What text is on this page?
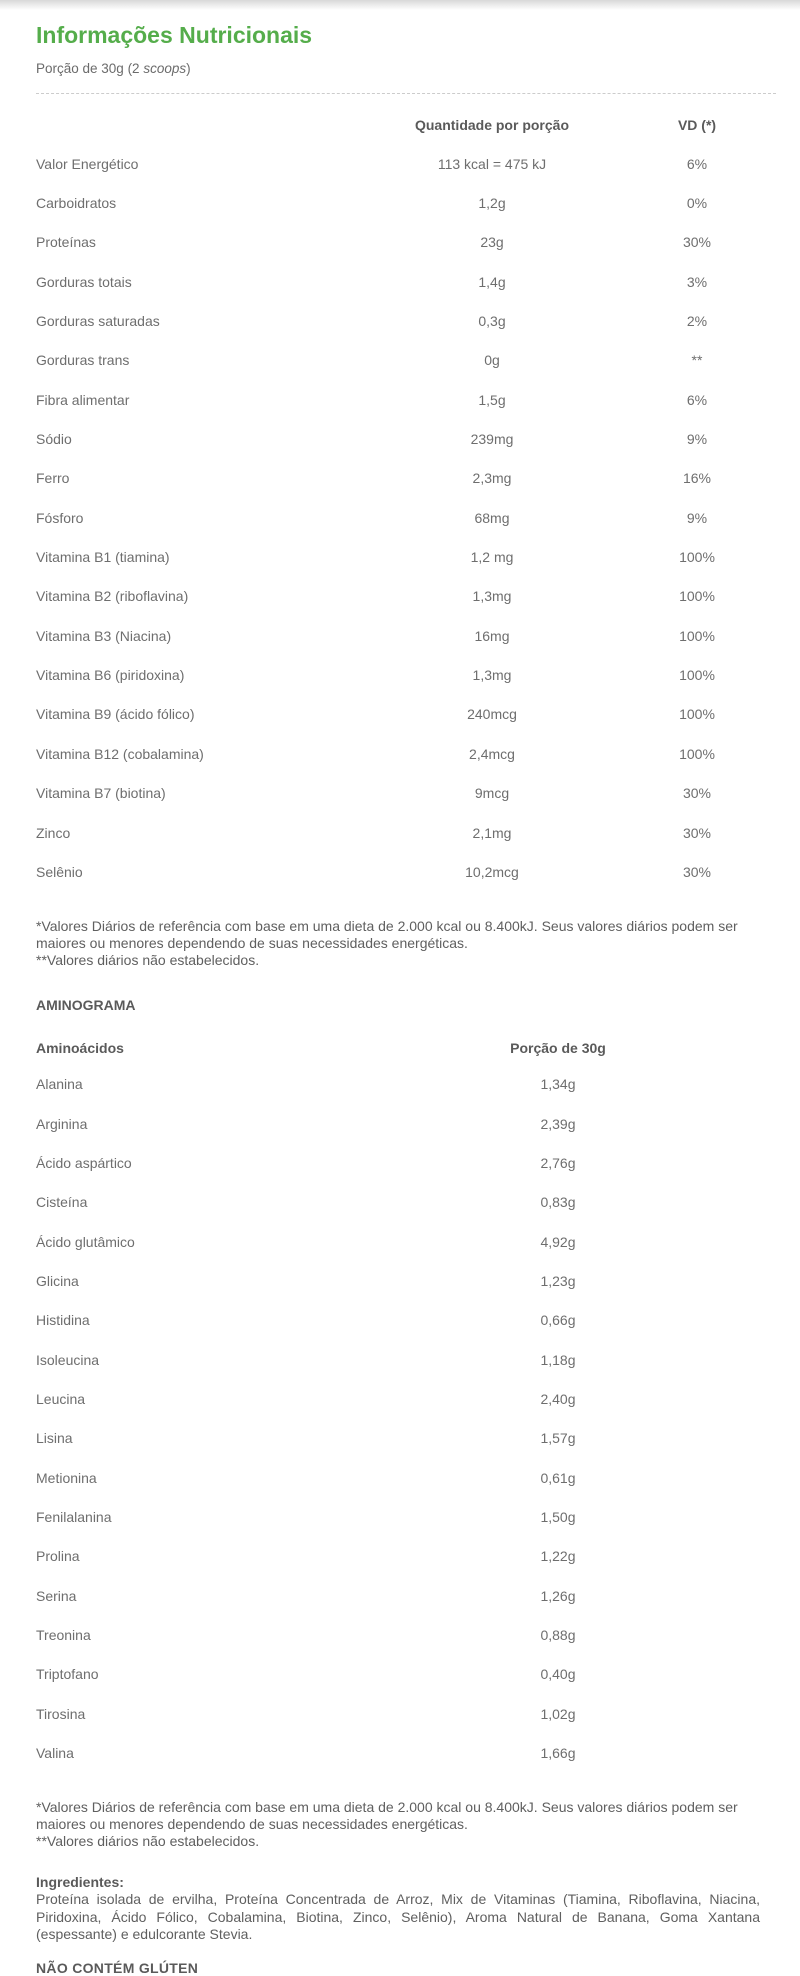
Informações Nutricionais
Porção de 30g (2 scoops)
Quantidade por porção	VD (*)
Valor Energético	113 kcal = 475 kJ	6%
Carboidratos	1,2g	0%
Proteínas	23g	30%
Gorduras totais	1,4g	3%
Gorduras saturadas	0,3g	2%
Gorduras trans	0g	**
Fibra alimentar	1,5g	6%
Sódio	239mg	9%
Ferro	2,3mg	16%
Fósforo	68mg	9%
Vitamina B1 (tiamina)	1,2 mg	100%
Vitamina B2 (riboflavina)	1,3mg	100%
Vitamina B3 (Niacina)	16mg	100%
Vitamina B6 (piridoxina)	1,3mg	100%
Vitamina B9 (ácido fólico)	240mcg	100%
Vitamina B12 (cobalamina)	2,4mcg	100%
Vitamina B7 (biotina)	9mcg	30%
Zinco	2,1mg	30%
Selênio	10,2mcg	30%
*Valores Diários de referência com base em uma dieta de 2.000 kcal ou 8.400kJ. Seus valores diários podem ser maiores ou menores dependendo de suas necessidades energéticas.
**Valores diários não estabelecidos.
AMINOGRAMA
Aminoácidos	Porção de 30g
Alanina	1,34g
Arginina	2,39g
Ácido aspártico	2,76g
Cisteína	0,83g
Ácido glutâmico	4,92g
Glicina	1,23g
Histidina	0,66g
Isoleucina	1,18g
Leucina	2,40g
Lisina	1,57g
Metionina	0,61g
Fenilalanina	1,50g
Prolina	1,22g
Serina	1,26g
Treonina	0,88g
Triptofano	0,40g
Tirosina	1,02g
Valina	1,66g
*Valores Diários de referência com base em uma dieta de 2.000 kcal ou 8.400kJ. Seus valores diários podem ser maiores ou menores dependendo de suas necessidades energéticas.
**Valores diários não estabelecidos.
Ingredientes:
Proteína isolada de ervilha, Proteína Concentrada de Arroz, Mix de Vitaminas (Tiamina, Riboflavina, Niacina, Piridoxina, Ácido Fólico, Cobalamina, Biotina, Zinco, Selênio), Aroma Natural de Banana, Goma Xantana (espessante) e edulcorante Stevia.
NÃO CONTÉM GLÚTEN
